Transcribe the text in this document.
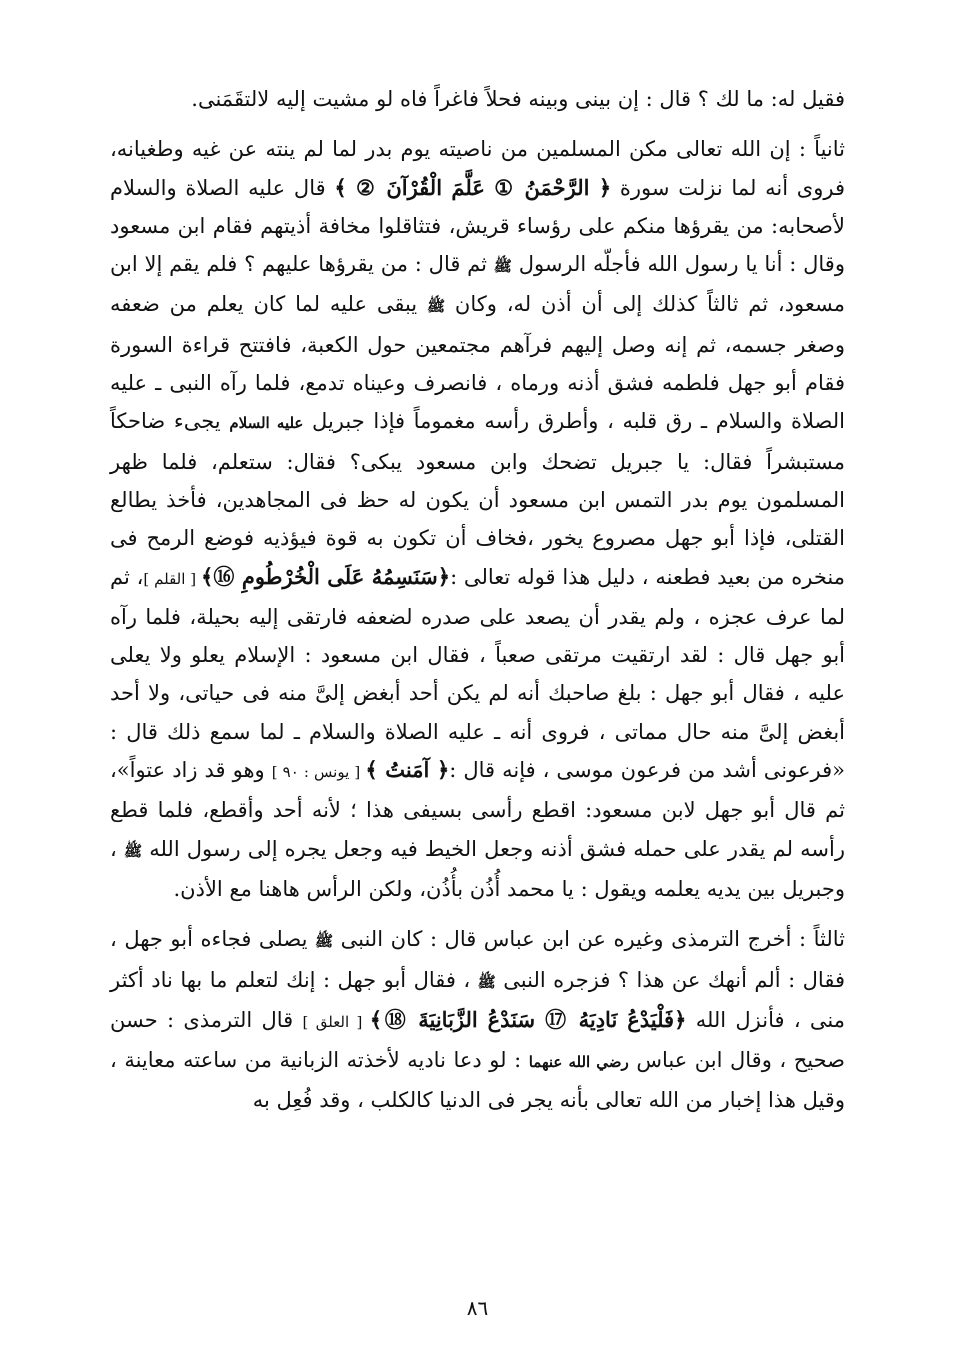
فقيل له: ما لك ؟ قال : إن بينى وبينه فحلاً فاغراً فاه لو مشيت إليه لالتقَمَنى.

ثانياً : إن الله تعالى مكن المسلمين من ناصيته يوم بدر لما لم ينته عن غيه وطغيانه، فروى أنه لما نزلت سورة ﴿ الرَّحْمَنُ ① عَلَّمَ الْقُرْآنَ ② ﴾ قال عليه الصلاة والسلام لأصحابه: من يقرؤها منكم على رؤساء قريش، فتثاقلوا مخافة أذيتهم فقام ابن مسعود وقال : أنا يا رسول الله فأجلّه الرسول ﷺ ثم قال : من يقرؤها عليهم ؟ فلم يقم إلا ابن مسعود، ثم ثالثاً كذلك إلى أن أذن له، وكان ﷺ يبقى عليه لما كان يعلم من ضعفه وصغر جسمه، ثم إنه وصل إليهم فرآهم مجتمعين حول الكعبة، فافتتح قراءة السورة فقام أبو جهل فلطمه فشق أذنه ورماه ، فانصرف وعيناه تدمع، فلما رآه النبى ـ عليه الصلاة والسلام ـ رق قلبه ، وأطرق رأسه مغموماً فإذا جبريل عليه السلام يجىء ضاحكاً مستبشراً فقال: يا جبريل تضحك وابن مسعود يبكى؟ فقال: ستعلم، فلما ظهر المسلمون يوم بدر التمس ابن مسعود أن يكون له حظ فى المجاهدين، فأخذ يطالع القتلى، فإذا أبو جهل مصروع يخور ،فخاف أن تكون به قوة فيؤذيه فوضع الرمح فى منخره من بعيد فطعنه ، دليل هذا قوله تعالى :﴿سَنَسِمُهُ عَلَى الْخُرْطُومِ ⑯﴾ [ القلم ]، ثم لما عرف عجزه ، ولم يقدر أن يصعد على صدره لضعفه فارتقى إليه بحيلة، فلما رآه أبو جهل قال : لقد ارتقيت مرتقى صعباً ، فقال ابن مسعود : الإسلام يعلو ولا يعلى عليه ، فقال أبو جهل : بلغ صاحبك أنه لم يكن أحد أبغض إلىَّ منه فى حياتى، ولا أحد أبغض إلىَّ منه حال مماتى ، فروى أنه ـ عليه الصلاة والسلام ـ لما سمع ذلك قال : «فرعونى أشد من فرعون موسى ، فإنه قال :﴿ آمَنتُ ﴾ [ يونس : ٩٠ ] وهو قد زاد عتواً»، ثم قال أبو جهل لابن مسعود: اقطع رأسى بسيفى هذا ؛ لأنه أحد وأقطع، فلما قطع رأسه لم يقدر على حمله فشق أذنه وجعل الخيط فيه وجعل يجره إلى رسول الله ﷺ ، وجبريل بين يديه يعلمه ويقول : يا محمد أُذُن بأُذُن، ولكن الرأس هاهنا مع الأذن.

ثالثاً : أخرج الترمذى وغيره عن ابن عباس قال : كان النبى ﷺ يصلى فجاءه أبو جهل ، فقال : ألم أنهك عن هذا ؟ فزجره النبى ﷺ ، فقال أبو جهل : إنك لتعلم ما بها ناد أكثر منى ، فأنزل الله ﴿فَلْيَدْعُ نَادِيَهُ ⑰ سَنَدْعُ الزَّبَانِيَةَ ⑱﴾ [ العلق ] قال الترمذى : حسن صحيح ، وقال ابن عباس رضي الله عنهما : لو دعا ناديه لأخذته الزبانية من ساعته معاينة ، وقيل هذا إخبار من الله تعالى بأنه يجر فى الدنيا كالكلب ، وقد فُعِل به

٨٦
